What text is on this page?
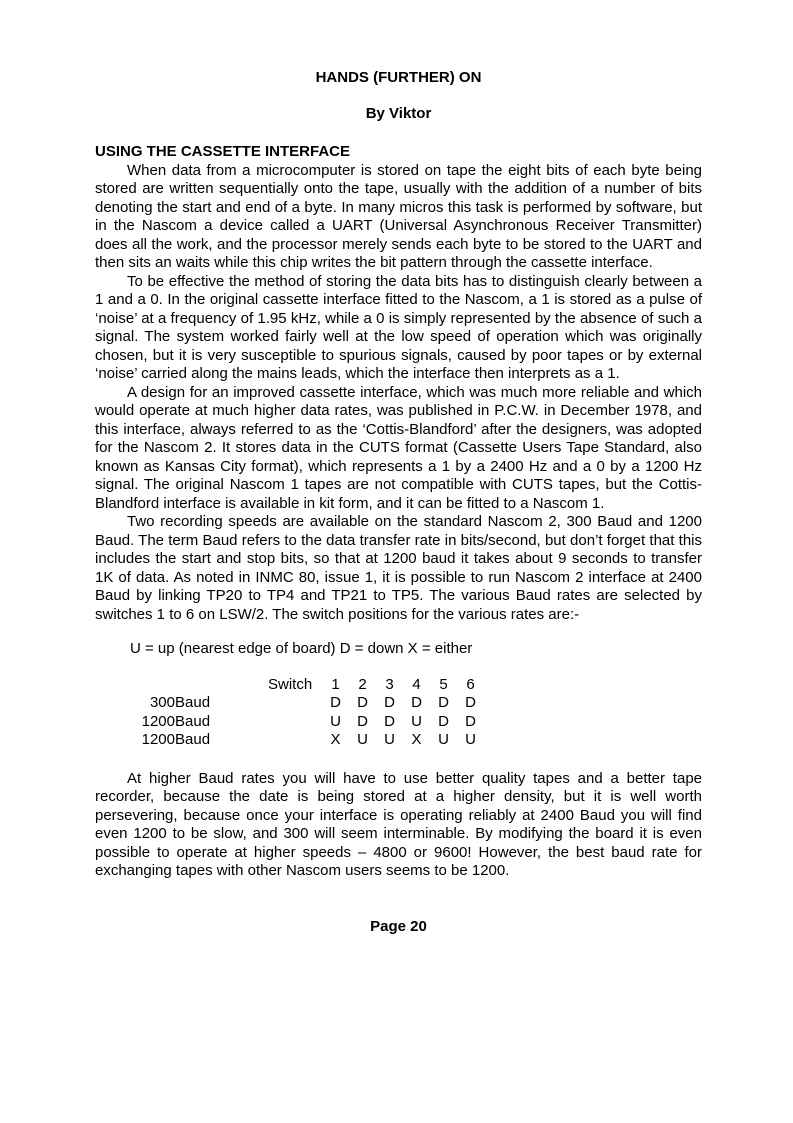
HANDS (FURTHER) ON
By Viktor
USING THE CASSETTE INTERFACE

When data from a microcomputer is stored on tape the eight bits of each byte being stored are written sequentially onto the tape, usually with the addition of a number of bits denoting the start and end of a byte. In many micros this task is performed by software, but in the Nascom a device called a UART (Universal Asynchronous Receiver Transmitter) does all the work, and the processor merely sends each byte to be stored to the UART and then sits an waits while this chip writes the bit pattern through the cassette interface.

To be effective the method of storing the data bits has to distinguish clearly between a 1 and a 0. In the original cassette interface fitted to the Nascom, a 1 is stored as a pulse of ‘noise’ at a frequency of 1.95 kHz, while a 0 is simply represented by the absence of such a signal. The system worked fairly well at the low speed of operation which was originally chosen, but it is very susceptible to spurious signals, caused by poor tapes or by external ‘noise’ carried along the mains leads, which the interface then interprets as a 1.

A design for an improved cassette interface, which was much more reliable and which would operate at much higher data rates, was published in P.C.W. in December 1978, and this interface, always referred to as the ‘Cottis-Blandford’ after the designers, was adopted for the Nascom 2. It stores data in the CUTS format (Cassette Users Tape Standard, also known as Kansas City format), which represents a 1 by a 2400 Hz and a 0 by a 1200 Hz signal. The original Nascom 1 tapes are not compatible with CUTS tapes, but the Cottis-Blandford interface is available in kit form, and it can be fitted to a Nascom 1.

Two recording speeds are available on the standard Nascom 2, 300 Baud and 1200 Baud. The term Baud refers to the data transfer rate in bits/second, but don’t forget that this includes the start and stop bits, so that at 1200 baud it takes about 9 seconds to transfer 1K of data. As noted in INMC 80, issue 1, it is possible to run Nascom 2 interface at 2400 Baud by linking TP20 to TP4 and TP21 to TP5. The various Baud rates are selected by switches 1 to 6 on LSW/2. The switch positions for the various rates are:-

U = up (nearest edge of board) D = down X = either
		Switch	1	2	3	4	5	6
300	Baud		D	D	D	D	D	D
1200	Baud		U	D	D	U	D	D
1200	Baud		X	U	U	X	U	U

At higher Baud rates you will have to use better quality tapes and a better tape recorder, because the date is being stored at a higher density, but it is well worth persevering, because once your interface is operating reliably at 2400 Baud you will find even 1200 to be slow, and 300 will seem interminable. By modifying the board it is even possible to operate at higher speeds – 4800 or 9600! However, the best baud rate for exchanging tapes with other Nascom users seems to be 1200.

Page 20
